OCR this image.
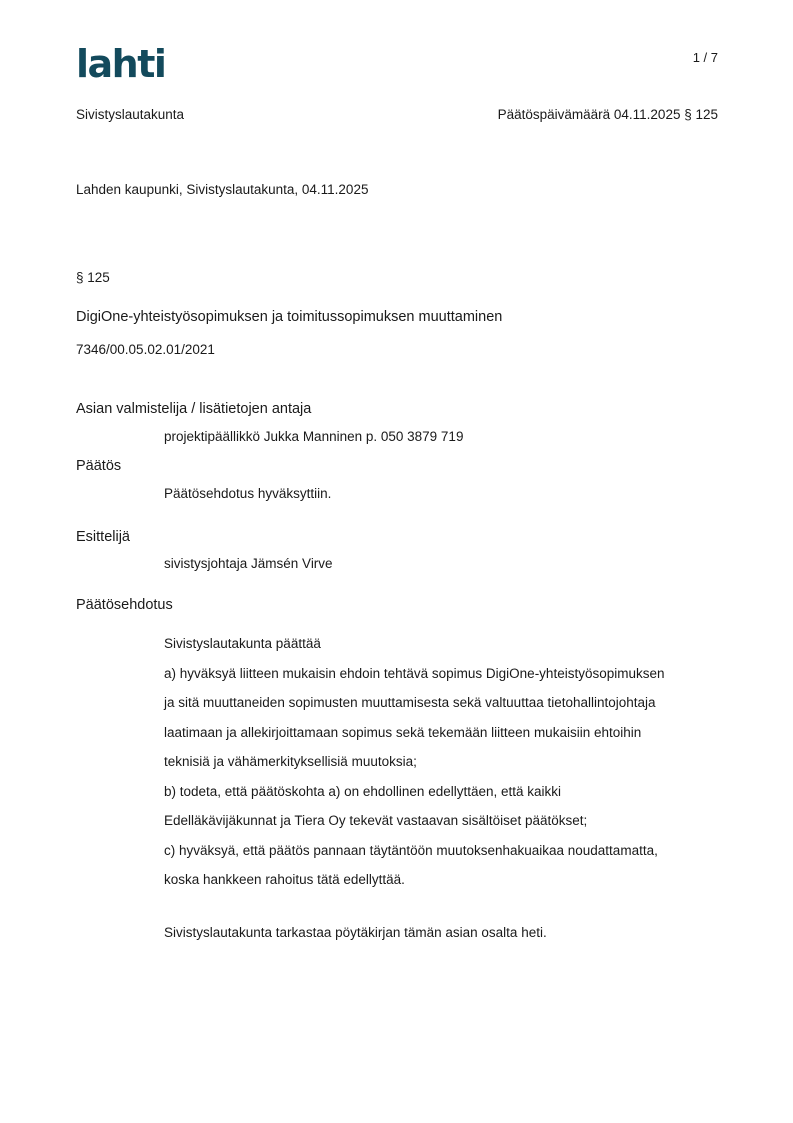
lahti	1 / 7
Sivistyslautakunta	Päätöspäivämäärä 04.11.2025 § 125
Lahden kaupunki, Sivistyslautakunta, 04.11.2025
§ 125
DigiOne-yhteistyösopimuksen ja toimitussopimuksen muuttaminen
7346/00.05.02.01/2021
Asian valmistelija / lisätietojen antaja
projektipäällikkö Jukka Manninen p. 050 3879 719
Päätös
Päätösehdotus hyväksyttiin.
Esittelijä
sivistysjohtaja Jämsén Virve
Päätösehdotus
Sivistyslautakunta päättää
a) hyväksyä liitteen mukaisin ehdoin tehtävä sopimus DigiOne-yhteistyösopimuksen
ja sitä muuttaneiden sopimusten muuttamisesta sekä valtuuttaa tietohallintojohtaja
laatimaan ja allekirjoittamaan sopimus sekä tekemään liitteen mukaisiin ehtoihin
teknisiä ja vähämerkityksellisiä muutoksia;
b) todeta, että päätöskohta a) on ehdollinen edellyttäen, että kaikki
Edelläkävijäkunnat ja Tiera Oy tekevät vastaavan sisältöiset päätökset;
c) hyväksyä, että päätös pannaan täytäntöön muutoksenhakuaikaa noudattamatta,
koska hankkeen rahoitus tätä edellyttää.
Sivistyslautakunta tarkastaa pöytäkirjan tämän asian osalta heti.
